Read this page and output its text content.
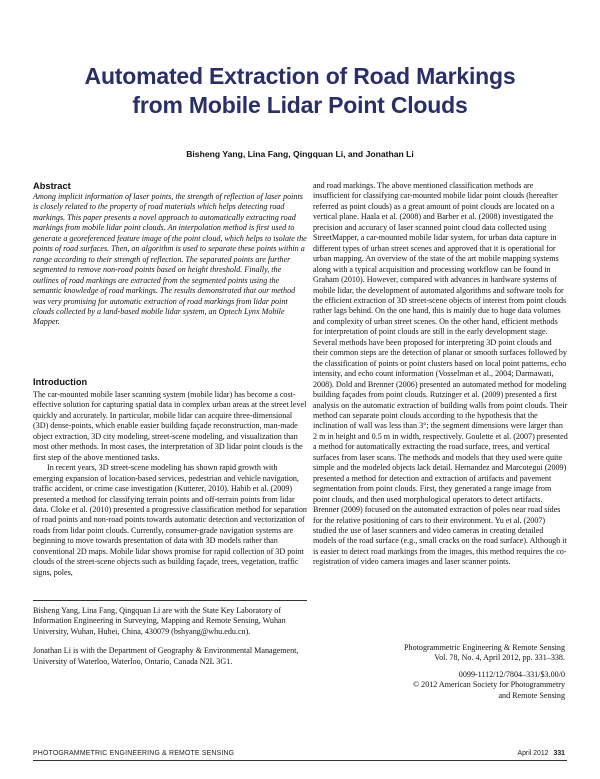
Automated Extraction of Road Markings
from Mobile Lidar Point Clouds
Bisheng Yang, Lina Fang, Qingquan Li, and Jonathan Li
Abstract

Among implicit information of laser points, the strength of reflection of laser points is closely related to the property of road materials which helps detecting road markings. This paper presents a novel approach to automatically extracting road markings from mobile lidar point clouds. An interpolation method is first used to generate a georeferenced feature image of the point cloud, which helps to isolate the points of road surfaces. Then, an algorithm is used to separate these points within a range according to their strength of reflection. The separated points are further segmented to remove non-road points based on height threshold. Finally, the outlines of road markings are extracted from the segmented points using the semantic knowledge of road markings. The results demonstrated that our method was very promising for automatic extraction of road markings from lidar point clouds collected by a land-based mobile lidar system, an Optech Lynx Mobile Mapper.

Introduction

The car-mounted mobile laser scanning system (mobile lidar) has become a cost-effective solution for capturing spatial data in complex urban areas at the street level quickly and accurately. In particular, mobile lidar can acquire three-dimensional (3D) dense-points, which enable easier building façade reconstruction, man-made object extraction, 3D city modeling, street-scene modeling, and visualization than most other methods. In most cases, the interpretation of 3D lidar point clouds is the first step of the above mentioned tasks.

In recent years, 3D street-scene modeling has shown rapid growth with emerging expansion of location-based services, pedestrian and vehicle navigation, traffic accident, or crime case investigation (Kutterer, 2010). Habib et al. (2009) presented a method for classifying terrain points and off-terrain points from lidar data. Cloke et al. (2010) presented a progressive classification method for separation of road points and non-road points towards automatic detection and vectorization of roads from lidar point clouds. Currently, consumer-grade navigation systems are beginning to move towards presentation of data with 3D models rather than conventional 2D maps. Mobile lidar shows promise for rapid collection of 3D point clouds of the street-scene objects such as building façade, trees, vegetation, traffic signs, poles,

and road markings. The above mentioned classification methods are insufficient for classifying car-mounted mobile lidar point clouds (hereafter referred as point clouds) as a great amount of point clouds are located on a vertical plane. Haala et al. (2008) and Barber et al. (2008) investigated the precision and accuracy of laser scanned point cloud data collected using StreetMapper, a car-mounted mobile lidar system, for urban data capture in different types of urban street scenes and approved that it is operational for urban mapping. An overview of the state of the art mobile mapping systems along with a typical acquisition and processing workflow can be found in Graham (2010). However, compared with advances in hardware systems of mobile lidar, the development of automated algorithms and software tools for the efficient extraction of 3D street-scene objects of interest from point clouds rather lags behind. On the one hand, this is mainly due to huge data volumes and complexity of urban street scenes. On the other hand, efficient methods for interpretation of point clouds are still in the early development stage. Several methods have been proposed for interpreting 3D point clouds and their common steps are the detection of planar or smooth surfaces followed by the classification of points or point clusters based on local point patterns, echo intensity, and echo count information (Vosselman et al., 2004; Darmawati, 2008). Dold and Brenner (2006) presented an automated method for modeling building façades from point clouds. Rutzinger et al. (2009) presented a first analysis on the automatic extraction of building walls from point clouds. Their method can separate point clouds according to the hypothesis that the inclination of wall was less than 3°; the segment dimensions were larger than 2 m in height and 0.5 m in width, respectively. Goulette et al. (2007) presented a method for automatically extracting the road surface, trees, and vertical surfaces from laser scans. The methods and models that they used were quite simple and the modeled objects lack detail. Hernandez and Marcotegui (2009) presented a method for detection and extraction of artifacts and pavement segmentation from point clouds. First, they generated a range image from point clouds, and then used morphological operators to detect artifacts. Brenner (2009) focused on the automated extraction of poles near road sides for the relative positioning of cars to their environment. Yu et al. (2007) studied the use of laser scanners and video cameras in creating detailed models of the road surface (e.g., small cracks on the road surface). Although it is easier to detect road markings from the images, this method requires the co-registration of video camera images and laser scanner points.

Bisheng Yang, Lina Fang, Qingquan Li are with the State Key Laboratory of Information Engineering in Surveying, Mapping and Remote Sensing, Wuhan University, Wuhan, Hubei, China, 430079 (bshyang@whu.edu.cn).

Jonathan Li is with the Department of Geography & Environmental Management, University of Waterloo, Waterloo, Ontario, Canada N2L 3G1.

Photogrammetric Engineering & Remote Sensing
Vol. 78, No. 4, April 2012, pp. 331–338.

0099-1112/12/7804–331/$3.00/0
© 2012 American Society for Photogrammetry
and Remote Sensing

PHOTOGRAMMETRIC ENGINEERING & REMOTE SENSING	April 2012 331
